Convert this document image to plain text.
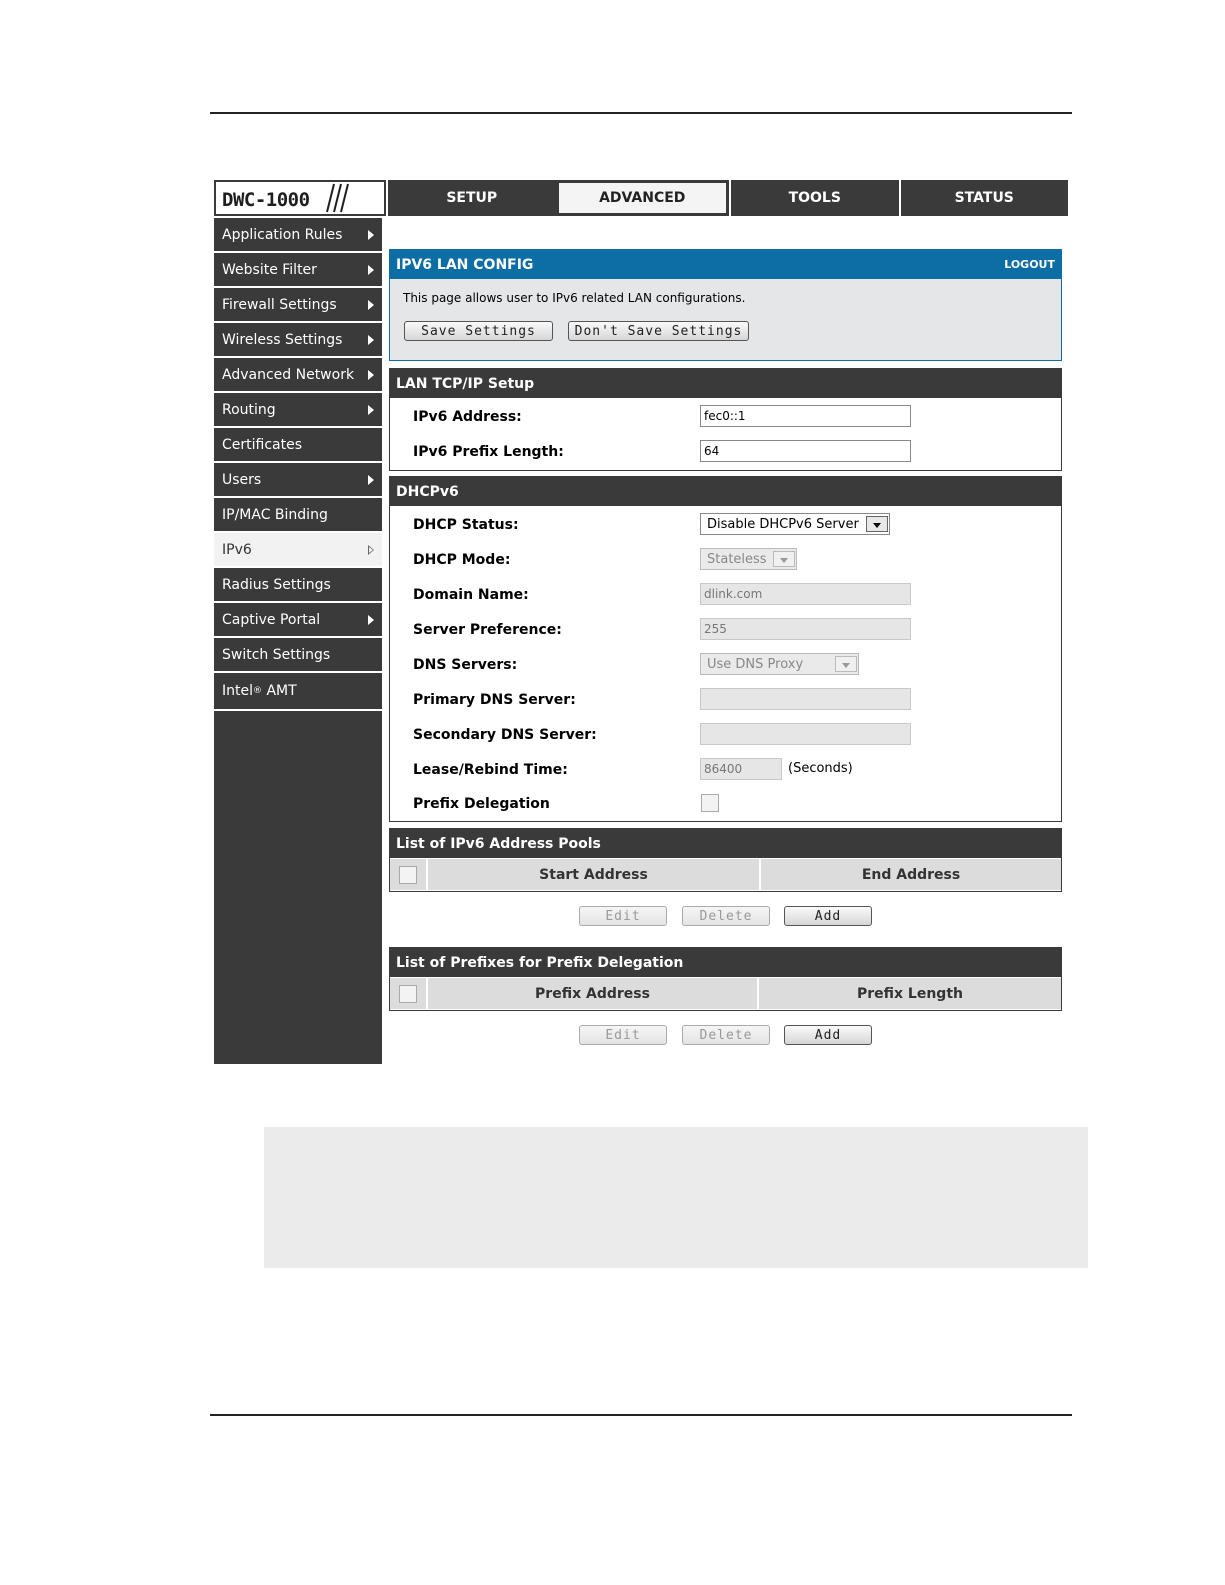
DWC-1000	SETUP	ADVANCED	TOOLS	STATUS
Application Rules
Website Filter
Firewall Settings
Wireless Settings
Advanced Network
Routing
Certificates
Users
IP/MAC Binding
IPv6
Radius Settings
Captive Portal
Switch Settings
Intel ® AMT
IPV6 LAN CONFIG	LOGOUT
This page allows user to IPv6 related LAN configurations.
Save Settings	Don't Save Settings
LAN TCP/IP Setup
IPv6 Address:	fec0::1
IPv6 Prefix Length:	64
DHCPv6
DHCP Status:	Disable DHCPv6 Server
DHCP Mode:	Stateless
Domain Name:	dlink.com
Server Preference:	255
DNS Servers:	Use DNS Proxy
Primary DNS Server:
Secondary DNS Server:
Lease/Rebind Time:	86400	(Seconds)
Prefix Delegation
List of IPv6 Address Pools
Start Address	End Address
Edit	Delete	Add
List of Prefixes for Prefix Delegation
Prefix Address	Prefix Length
Edit	Delete	Add
